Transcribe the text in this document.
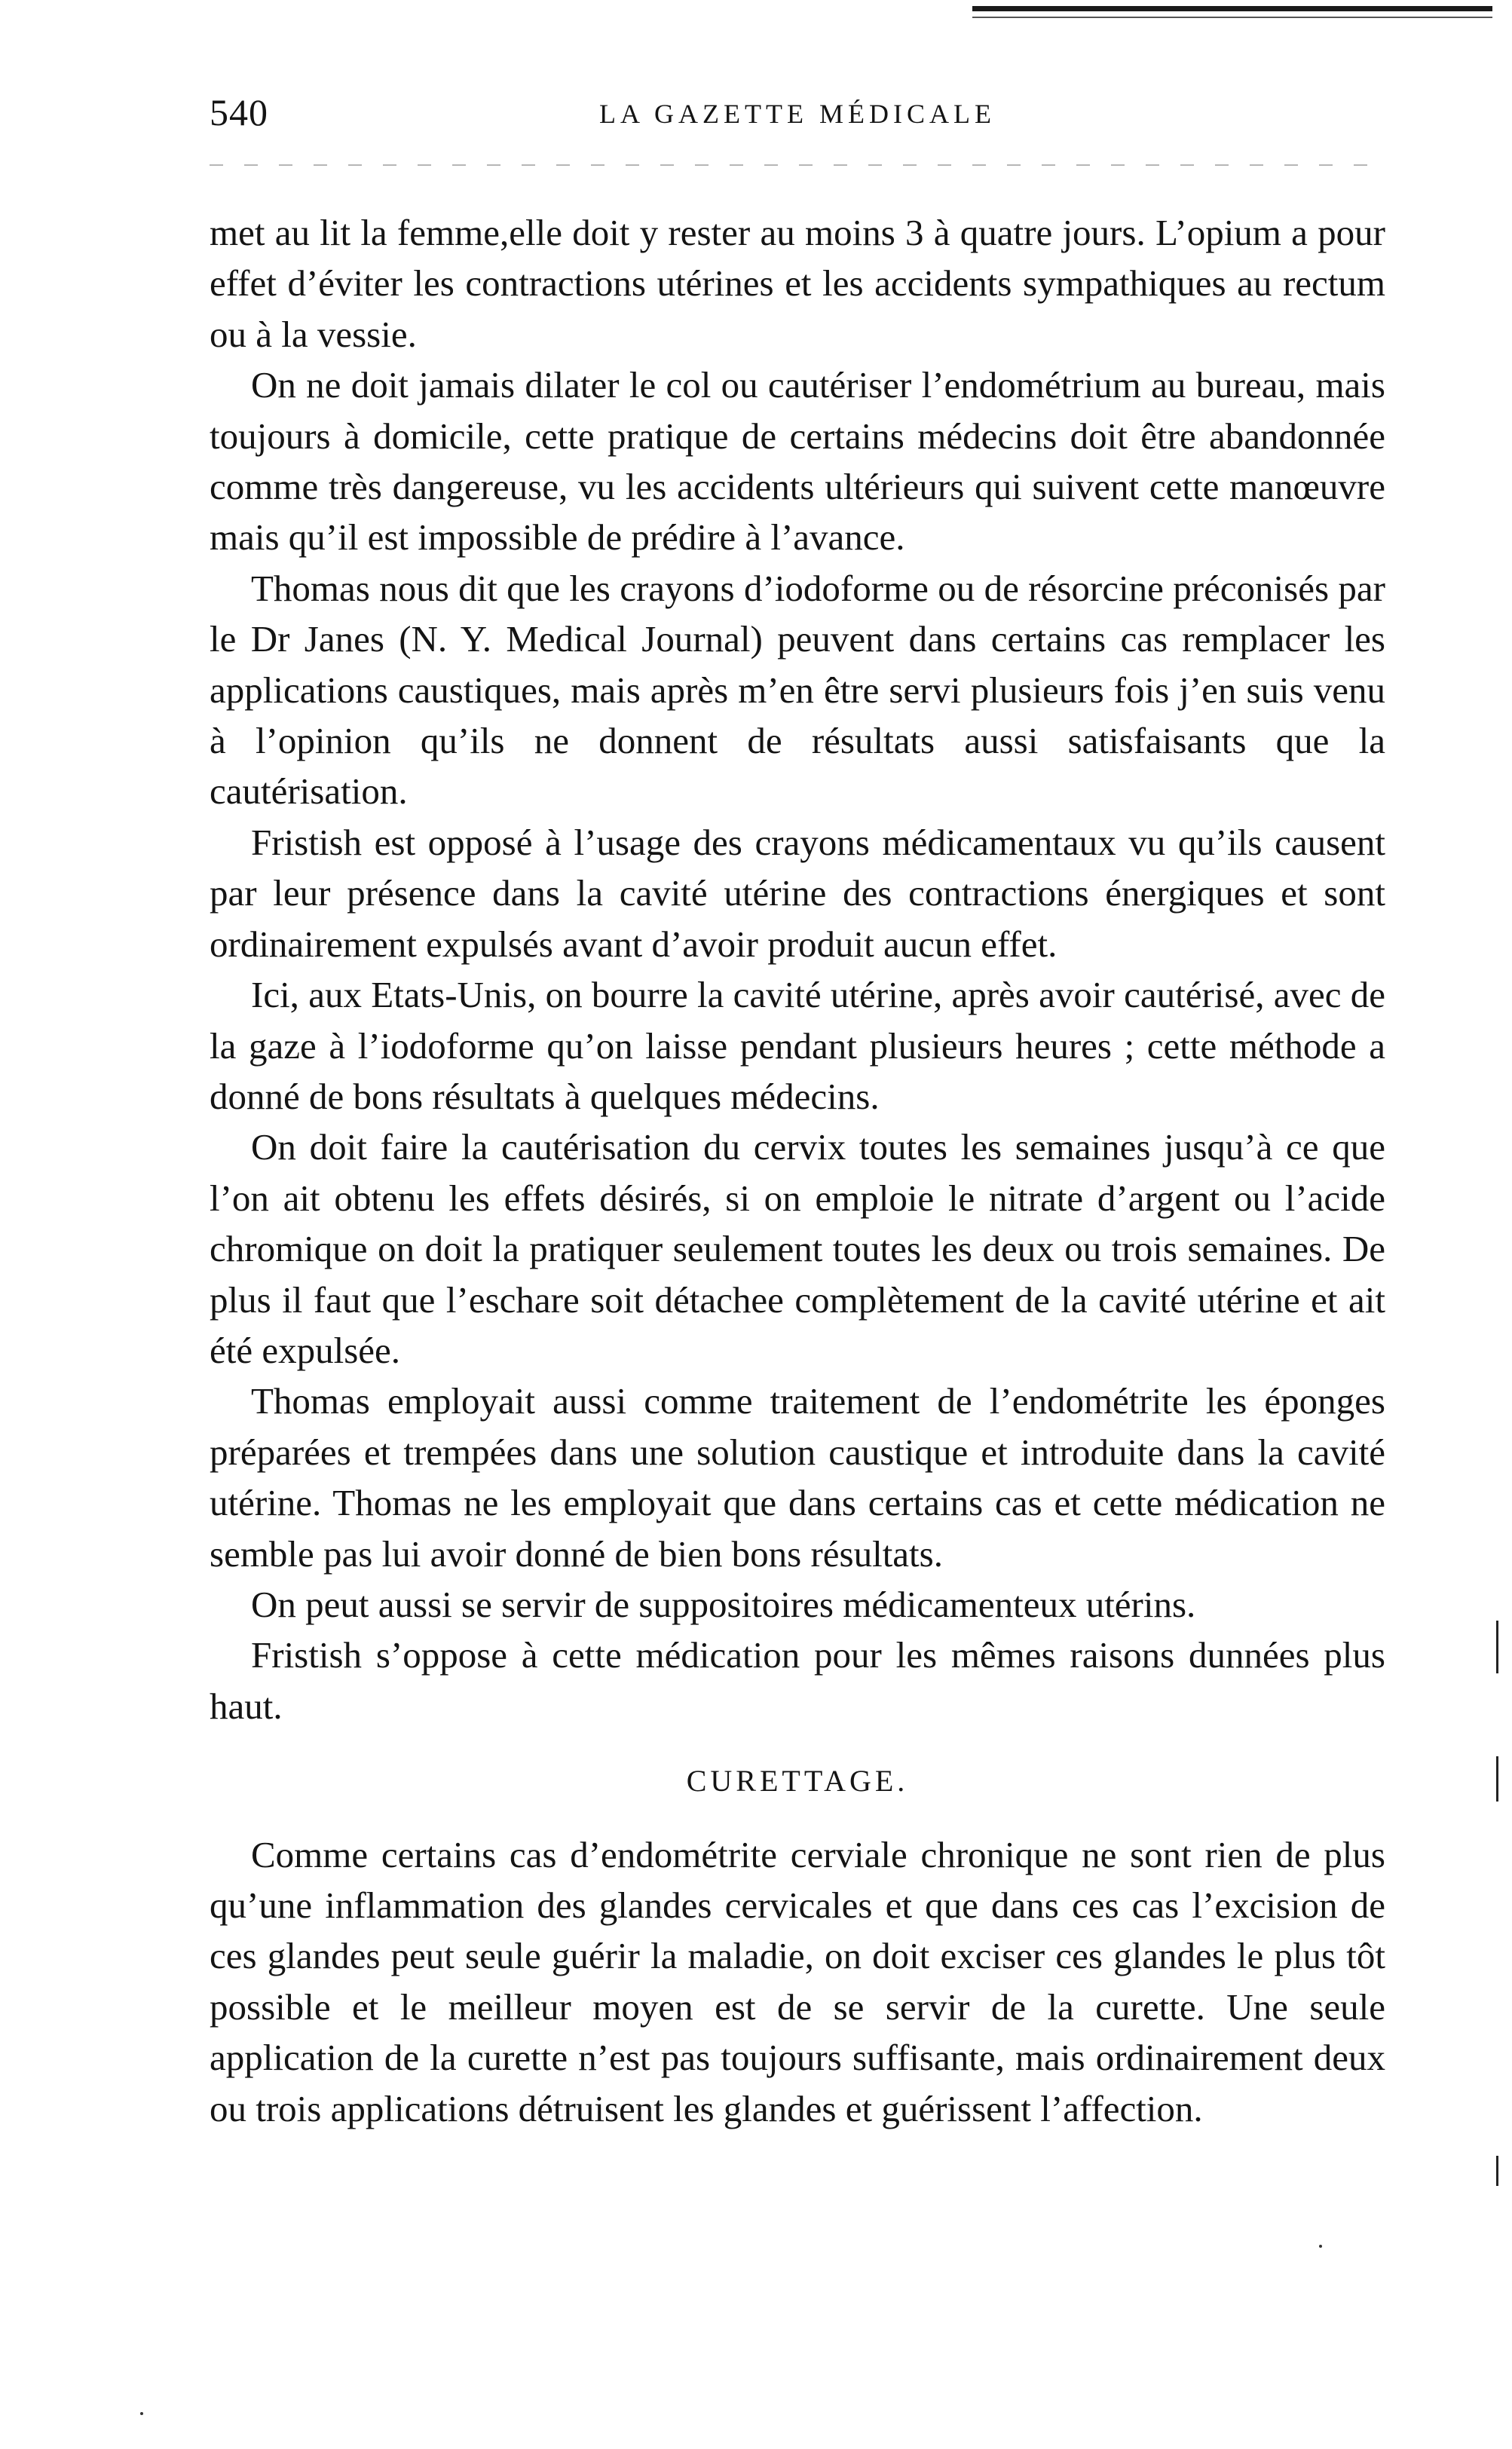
540	LA GAZETTE MÉDICALE

met au lit la femme,elle doit y rester au moins 3 à quatre jours. L’opium a pour effet d’éviter les contractions utérines et les accidents sympathiques au rectum ou à la vessie.

On ne doit jamais dilater le col ou cautériser l’endométrium au bureau, mais toujours à domicile, cette pratique de certains médecins doit être abandonnée comme très dangereuse, vu les accidents ultérieurs qui suivent cette manœuvre mais qu’il est impossible de prédire à l’avance.

Thomas nous dit que les crayons d’iodoforme ou de résorcine préconisés par le Dr Janes (N. Y. Medical Journal) peuvent dans certains cas remplacer les applications caustiques, mais après m’en être servi plusieurs fois j’en suis venu à l’opinion qu’ils ne donnent de résultats aussi satisfaisants que la cautérisation.

Fristish est opposé à l’usage des crayons médicamentaux vu qu’ils causent par leur présence dans la cavité utérine des contractions énergiques et sont ordinairement expulsés avant d’avoir produit aucun effet.

Ici, aux Etats-Unis, on bourre la cavité utérine, après avoir cautérisé, avec de la gaze à l’iodoforme qu’on laisse pendant plusieurs heures ; cette méthode a donné de bons résultats à quelques médecins.

On doit faire la cautérisation du cervix toutes les semaines jusqu’à ce que l’on ait obtenu les effets désirés, si on emploie le nitrate d’argent ou l’acide chromique on doit la pratiquer seulement toutes les deux ou trois semaines. De plus il faut que l’eschare soit détachee complètement de la cavité utérine et ait été expulsée.

Thomas employait aussi comme traitement de l’endométrite les éponges préparées et trempées dans une solution caustique et introduite dans la cavité utérine. Thomas ne les employait que dans certains cas et cette médication ne semble pas lui avoir donné de bien bons résultats.

On peut aussi se servir de suppositoires médicamenteux utérins.

Fristish s’oppose à cette médication pour les mêmes raisons dunnées plus haut.

CURETTAGE.

Comme certains cas d’endométrite cerviale chronique ne sont rien de plus qu’une inflammation des glandes cervicales et que dans ces cas l’excision de ces glandes peut seule guérir la maladie, on doit exciser ces glandes le plus tôt possible et le meilleur moyen est de se servir de la curette. Une seule application de la curette n’est pas toujours suffisante, mais ordinairement deux ou trois applications détruisent les glandes et guérissent l’affection.
